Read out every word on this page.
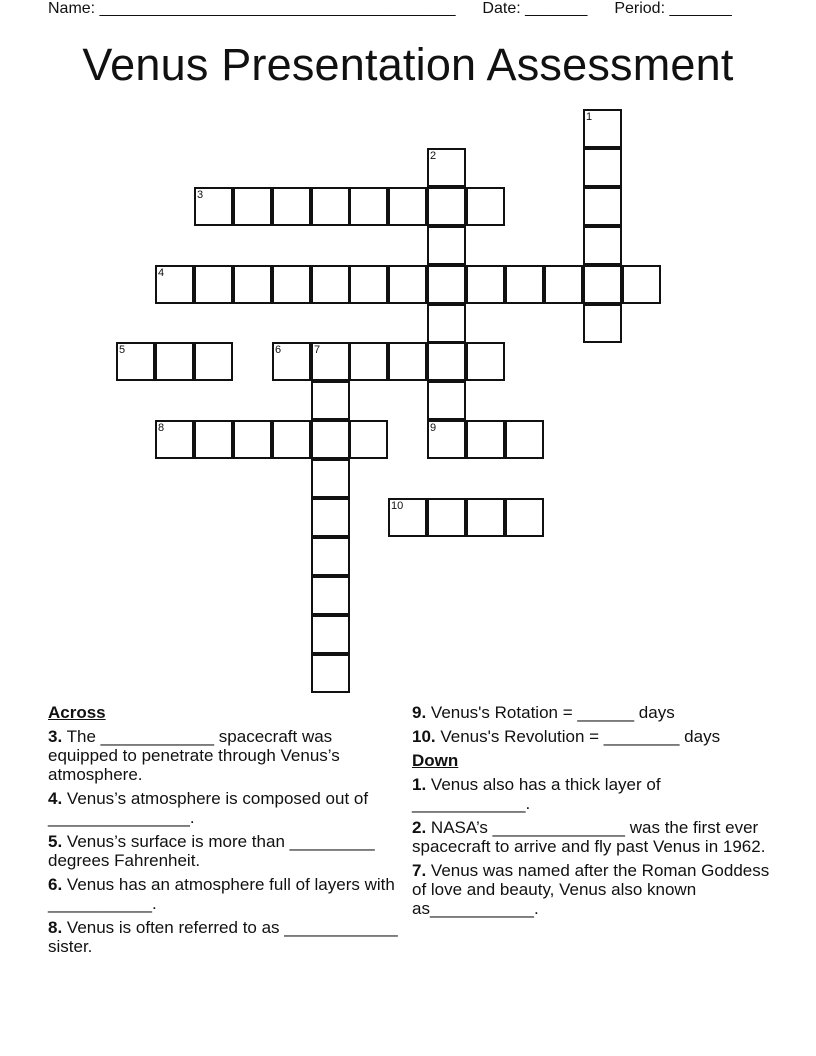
Name: ________________________________________ Date: _______ Period: _______
Venus Presentation Assessment
1
2
9
3
4
5	6	7
8
10
Across
3. The ____________ spacecraft was equipped to penetrate through Venus’s atmosphere.
4. Venus’s atmosphere is composed out of _______________.
5. Venus’s surface is more than _________ degrees Fahrenheit.
6. Venus has an atmosphere full of layers with ___________.
8. Venus is often referred to as ____________ sister.
9. Venus's Rotation = ______ days
10. Venus's Revolution = ________ days
Down
1. Venus also has a thick layer of ____________.
2. NASA’s ______________ was the first ever spacecraft to arrive and fly past Venus in 1962.
7. Venus was named after the Roman Goddess of love and beauty, Venus also known as___________.
